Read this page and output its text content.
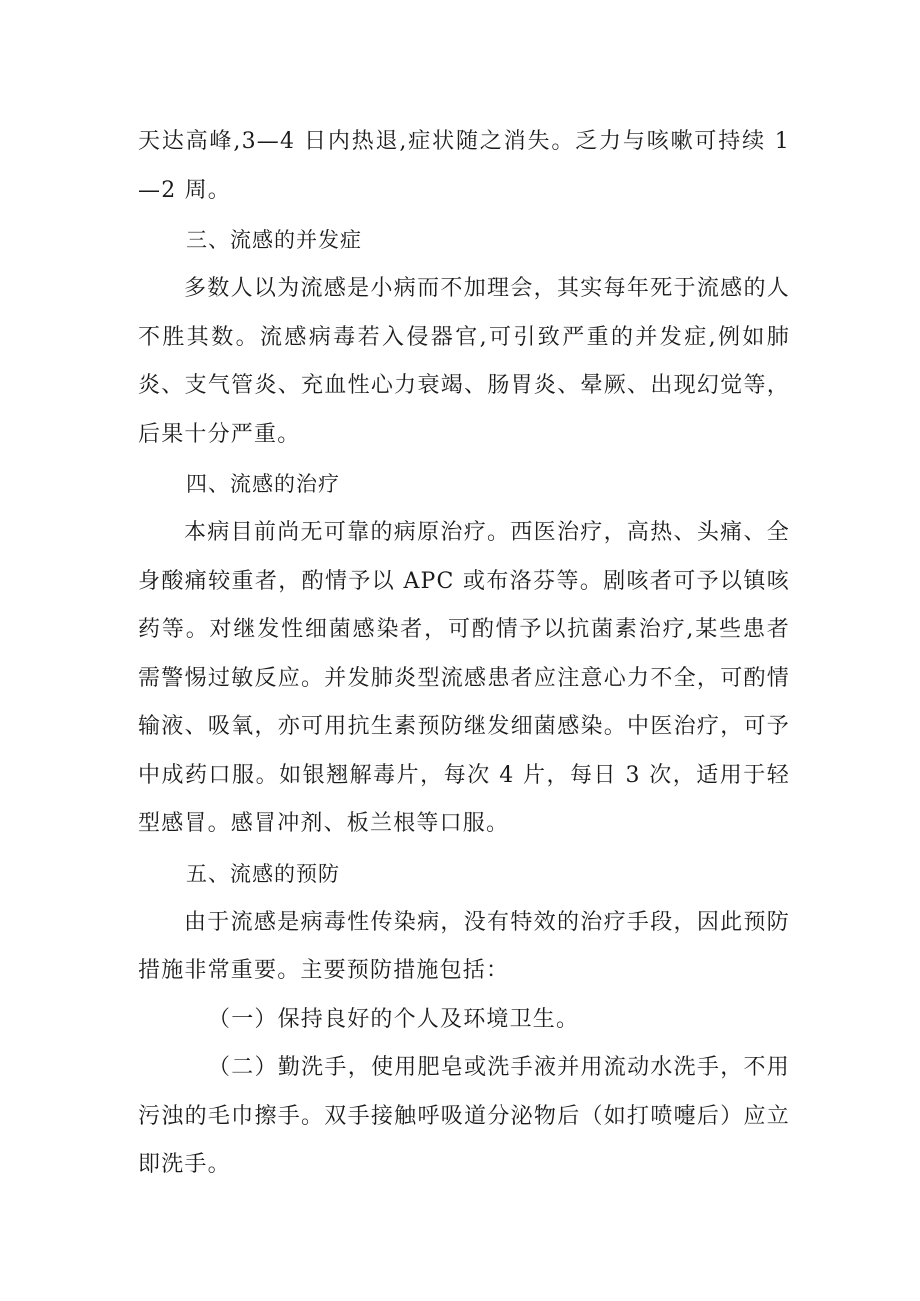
天达高峰,3—4 日内热退,症状随之消失。乏力与咳嗽可持续 1—2 周。

三、流感的并发症

多数人以为流感是小病而不加理会，其实每年死于流感的人不胜其数。流感病毒若入侵器官,可引致严重的并发症,例如肺炎、支气管炎、充血性心力衰竭、肠胃炎、晕厥、出现幻觉等，后果十分严重。

四、流感的治疗

本病目前尚无可靠的病原治疗。西医治疗，高热、头痛、全身酸痛较重者，酌情予以 APC 或布洛芬等。剧咳者可予以镇咳药等。对继发性细菌感染者，可酌情予以抗菌素治疗,某些患者需警惕过敏反应。并发肺炎型流感患者应注意心力不全，可酌情输液、吸氧，亦可用抗生素预防继发细菌感染。中医治疗，可予中成药口服。如银翘解毒片，每次 4 片，每日 3 次，适用于轻型感冒。感冒冲剂、板兰根等口服。

五、流感的预防

由于流感是病毒性传染病，没有特效的治疗手段，因此预防措施非常重要。主要预防措施包括：

（一）保持良好的个人及环境卫生。

（二）勤洗手，使用肥皂或洗手液并用流动水洗手，不用污浊的毛巾擦手。双手接触呼吸道分泌物后（如打喷嚏后）应立即洗手。
